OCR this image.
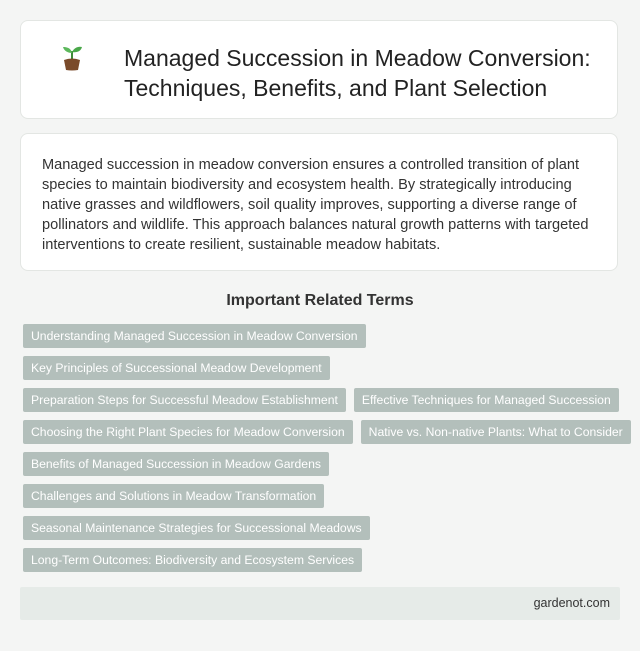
Managed Succession in Meadow Conversion: Techniques, Benefits, and Plant Selection

Managed succession in meadow conversion ensures a controlled transition of plant species to maintain biodiversity and ecosystem health. By strategically introducing native grasses and wildflowers, soil quality improves, supporting a diverse range of pollinators and wildlife. This approach balances natural growth patterns with targeted interventions to create resilient, sustainable meadow habitats.

Important Related Terms
Understanding Managed Succession in Meadow Conversion
Key Principles of Successional Meadow Development
Preparation Steps for Successful Meadow Establishment	Effective Techniques for Managed Succession
Choosing the Right Plant Species for Meadow Conversion	Native vs. Non-native Plants: What to Consider
Benefits of Managed Succession in Meadow Gardens
Challenges and Solutions in Meadow Transformation
Seasonal Maintenance Strategies for Successional Meadows
Long-Term Outcomes: Biodiversity and Ecosystem Services
gardenot.com
